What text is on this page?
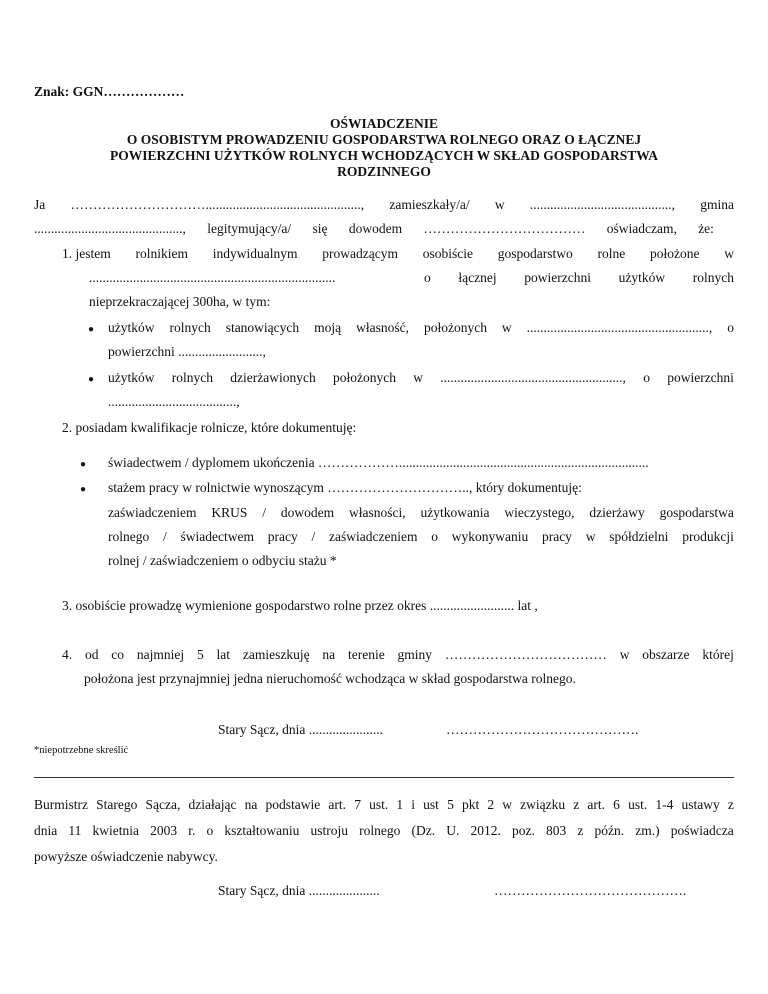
Znak: GGN………………
OŚWIADCZENIE
O OSOBISTYM PROWADZENIU GOSPODARSTWA ROLNEGO ORAZ O ŁĄCZNEJ
POWIERZCHNI UŻYTKÓW ROLNYCH WCHODZĄCYCH W SKŁAD GOSPODARSTWA
RODZINNEGO
Ja ………………………….............................................., zamieszkały/a/ w .........................................., gmina
............................................, legitymujący/a/ się dowodem ……………………………… oświadczam, że:
1. jestem rolnikiem indywidualnym prowadzącym osobiście gospodarstwo rolne położone w
.........................................................................	o łącznej powierzchni użytków rolnych
nieprzekraczającej 300ha, w tym:
● użytków rolnych stanowiących moją własność, położonych w ......................................................, o
powierzchni .........................,
● użytków rolnych dzierżawionych położonych w ......................................................, o powierzchni
......................................,
2. posiadam kwalifikacje rolnicze, które dokumentuję:
● świadectwem / dyplomem ukończenia ………………..........................................................................
● stażem pracy w rolnictwie wynoszącym ………………………….., który dokumentuję:
zaświadczeniem KRUS / dowodem własności, użytkowania wieczystego, dzierżawy gospodarstwa
rolnego / świadectwem pracy / zaświadczeniem o wykonywaniu pracy w spółdzielni produkcji
rolnej / zaświadczeniem o odbyciu stażu *
3. osobiście prowadzę wymienione gospodarstwo rolne przez okres ......................... lat ,
4. od co najmniej 5 lat zamieszkuję na terenie gminy ……………………………… w obszarze której
położona jest przynajmniej jedna nieruchomość wchodząca w skład gospodarstwa rolnego.
Stary Sącz, dnia ......................	…………………………………….
*niepotrzebne skreślić
Burmistrz Starego Sącza, działając na podstawie art. 7 ust. 1 i ust 5 pkt 2 w związku z art. 6 ust. 1-4 ustawy z
dnia 11 kwietnia 2003 r. o kształtowaniu ustroju rolnego (Dz. U. 2012. poz. 803 z późn. zm.) poświadcza
powyższe oświadczenie nabywcy.
Stary Sącz, dnia .....................	…………………………………….
